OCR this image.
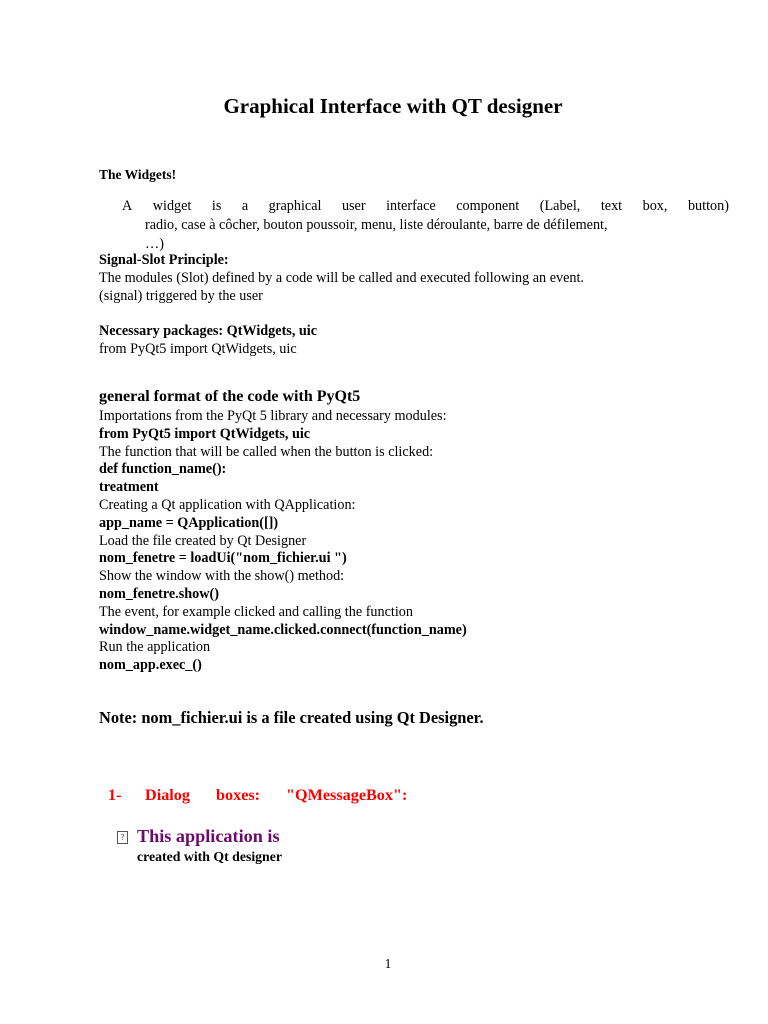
Graphical Interface with QT designer
The Widgets!
A widget is a graphical user interface component (Label, text box, button)
radio, case à côcher, bouton poussoir, menu, liste déroulante, barre de défilement,
…)
Signal-Slot Principle:
The modules (Slot) defined by a code will be called and executed following an event.
(signal) triggered by the user
Necessary packages: QtWidgets, uic
from PyQt5 import QtWidgets, uic
general format of the code with PyQt5
Importations from the PyQt 5 library and necessary modules:
from PyQt5 import QtWidgets, uic
The function that will be called when the button is clicked:
def function_name():
treatment
Creating a Qt application with QApplication:
app_name = QApplication([])
Load the file created by Qt Designer
nom_fenetre = loadUi("nom_fichier.ui ")
Show the window with the show() method:
nom_fenetre.show()
The event, for example clicked and calling the function
window_name.widget_name.clicked.connect(function_name)
Run the application
nom_app.exec_()
Note: nom_fichier.ui is a file created using Qt Designer.
1-	Dialog	boxes:	"QMessageBox":
? This application is
created with Qt designer
1
